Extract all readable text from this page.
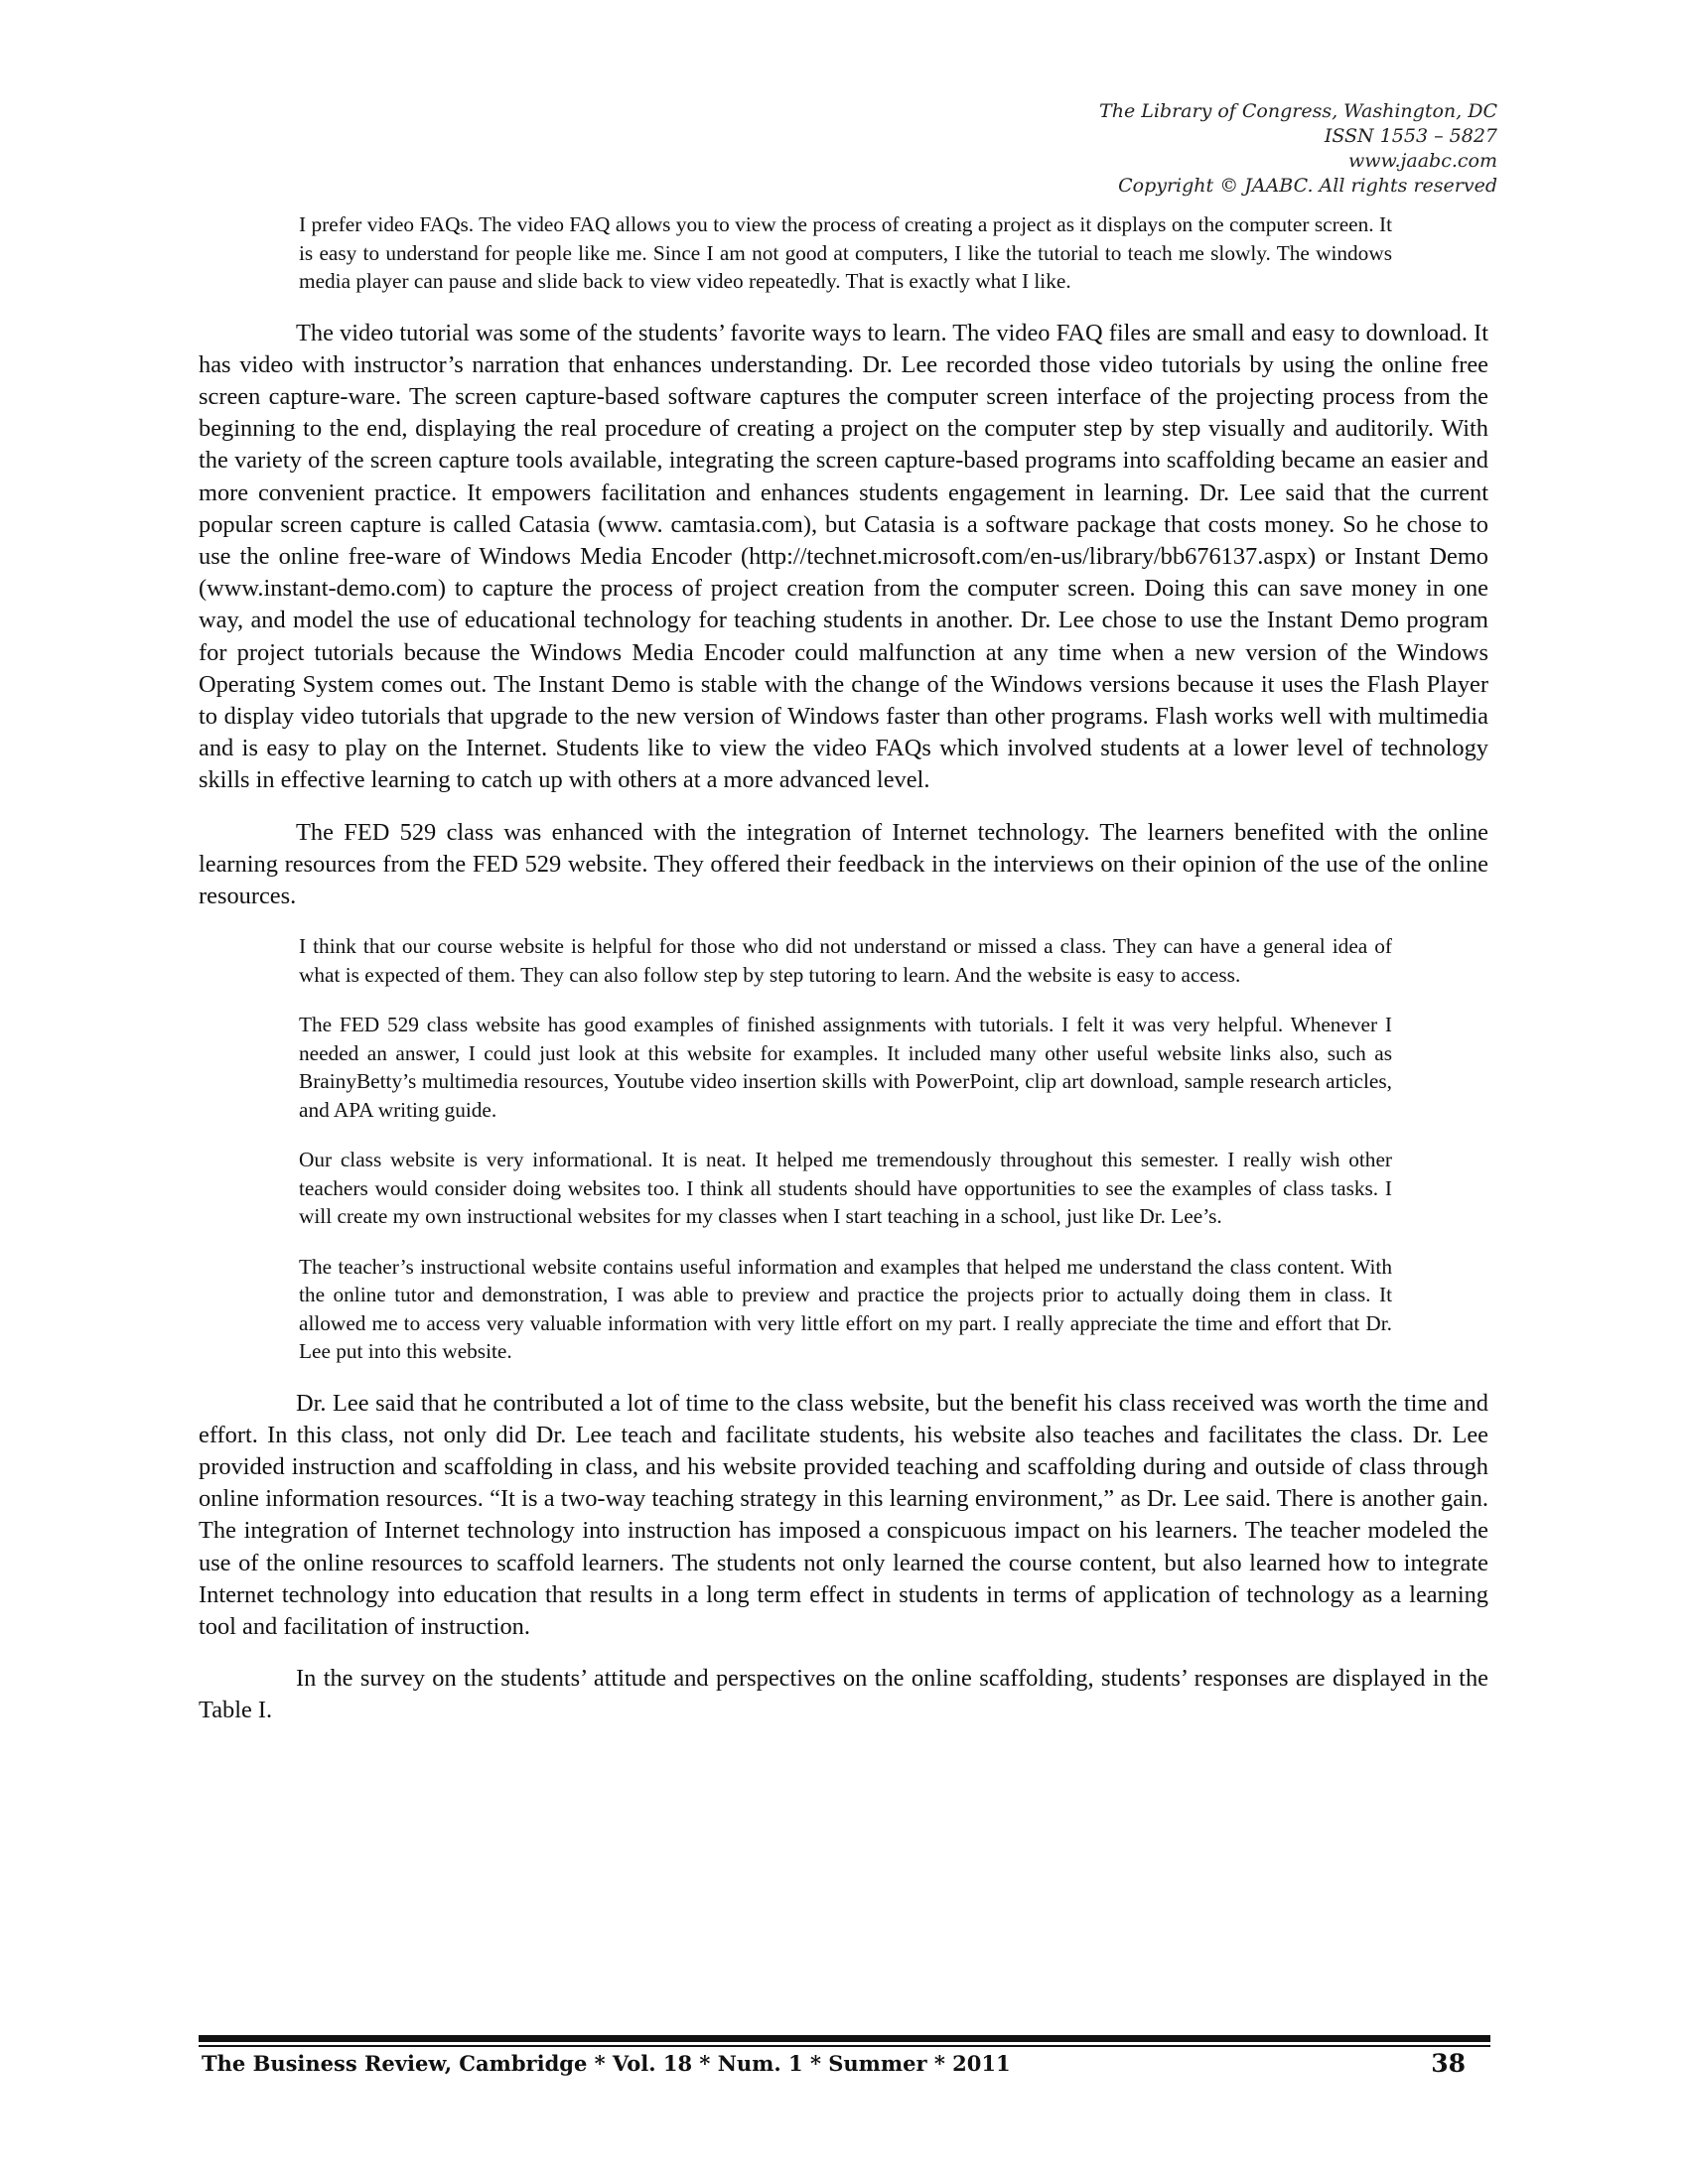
The Library of Congress, Washington, DC
ISSN 1553 – 5827
www.jaabc.com
Copyright © JAABC. All rights reserved
I prefer video FAQs. The video FAQ allows you to view the process of creating a project as it displays on the computer screen. It is easy to understand for people like me. Since I am not good at computers, I like the tutorial to teach me slowly. The windows media player can pause and slide back to view video repeatedly. That is exactly what I like.
The video tutorial was some of the students’ favorite ways to learn. The video FAQ files are small and easy to download. It has video with instructor’s narration that enhances understanding. Dr. Lee recorded those video tutorials by using the online free screen capture-ware. The screen capture-based software captures the computer screen interface of the projecting process from the beginning to the end, displaying the real procedure of creating a project on the computer step by step visually and auditorily. With the variety of the screen capture tools available, integrating the screen capture-based programs into scaffolding became an easier and more convenient practice. It empowers facilitation and enhances students engagement in learning. Dr. Lee said that the current popular screen capture is called Catasia (www. camtasia.com), but Catasia is a software package that costs money. So he chose to use the online free-ware of Windows Media Encoder (http://technet.microsoft.com/en-us/library/bb676137.aspx) or Instant Demo (www.instant-demo.com) to capture the process of project creation from the computer screen. Doing this can save money in one way, and model the use of educational technology for teaching students in another. Dr. Lee chose to use the Instant Demo program for project tutorials because the Windows Media Encoder could malfunction at any time when a new version of the Windows Operating System comes out. The Instant Demo is stable with the change of the Windows versions because it uses the Flash Player to display video tutorials that upgrade to the new version of Windows faster than other programs. Flash works well with multimedia and is easy to play on the Internet. Students like to view the video FAQs which involved students at a lower level of technology skills in effective learning to catch up with others at a more advanced level.
The FED 529 class was enhanced with the integration of Internet technology. The learners benefited with the online learning resources from the FED 529 website. They offered their feedback in the interviews on their opinion of the use of the online resources.
I think that our course website is helpful for those who did not understand or missed a class. They can have a general idea of what is expected of them. They can also follow step by step tutoring to learn. And the website is easy to access.
The FED 529 class website has good examples of finished assignments with tutorials. I felt it was very helpful. Whenever I needed an answer, I could just look at this website for examples. It included many other useful website links also, such as BrainyBetty’s multimedia resources, Youtube video insertion skills with PowerPoint, clip art download, sample research articles, and APA writing guide.
Our class website is very informational. It is neat. It helped me tremendously throughout this semester. I really wish other teachers would consider doing websites too. I think all students should have opportunities to see the examples of class tasks. I will create my own instructional websites for my classes when I start teaching in a school, just like Dr. Lee’s.
The teacher’s instructional website contains useful information and examples that helped me understand the class content. With the online tutor and demonstration, I was able to preview and practice the projects prior to actually doing them in class. It allowed me to access very valuable information with very little effort on my part. I really appreciate the time and effort that Dr. Lee put into this website.
Dr. Lee said that he contributed a lot of time to the class website, but the benefit his class received was worth the time and effort. In this class, not only did Dr. Lee teach and facilitate students, his website also teaches and facilitates the class. Dr. Lee provided instruction and scaffolding in class, and his website provided teaching and scaffolding during and outside of class through online information resources. “It is a two-way teaching strategy in this learning environment,” as Dr. Lee said. There is another gain. The integration of Internet technology into instruction has imposed a conspicuous impact on his learners. The teacher modeled the use of the online resources to scaffold learners. The students not only learned the course content, but also learned how to integrate Internet technology into education that results in a long term effect in students in terms of application of technology as a learning tool and facilitation of instruction.
In the survey on the students’ attitude and perspectives on the online scaffolding, students’ responses are displayed in the Table I.
The Business Review, Cambridge * Vol. 18 * Num. 1 * Summer * 2011	38
